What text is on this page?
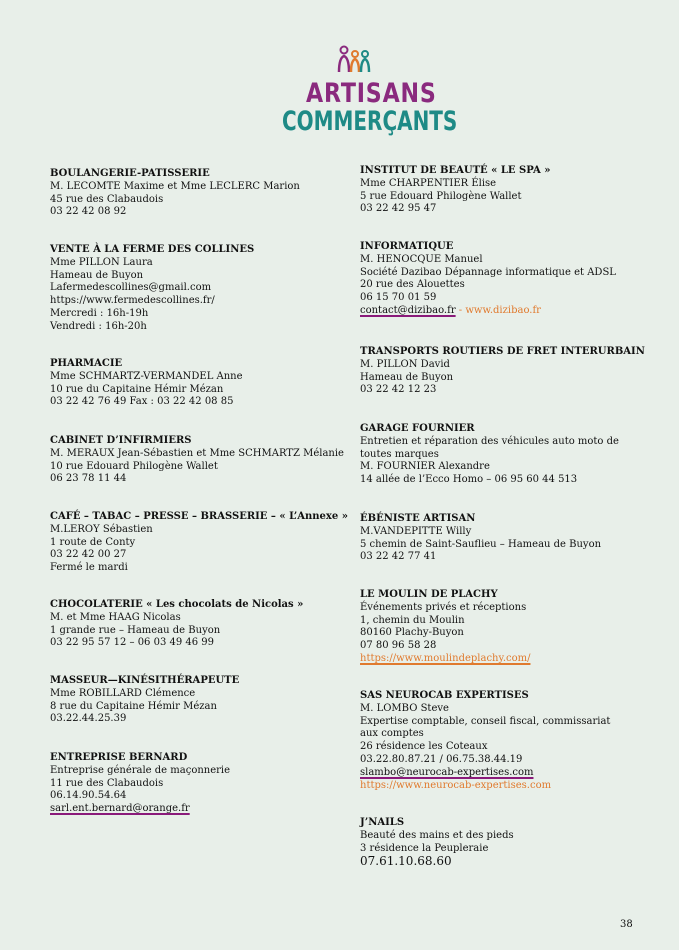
ARTISANS
COMMERÇANTS
BOULANGERIE-PATISSERIE
M. LECOMTE Maxime et Mme LECLERC Marion
45 rue des Clabaudois
03 22 42 08 92
VENTE À LA FERME DES COLLINES
Mme PILLON Laura
Hameau de Buyon
Lafermedescollines@gmail.com
https://www.fermedescollines.fr/
Mercredi : 16h-19h
Vendredi : 16h-20h
PHARMACIE
Mme SCHMARTZ-VERMANDEL Anne
10 rue du Capitaine Hémir Mézan
03 22 42 76 49 Fax : 03 22 42 08 85
CABINET D’INFIRMIERS
M. MERAUX Jean-Sébastien et Mme SCHMARTZ Mélanie
10 rue Edouard Philogène Wallet
06 23 78 11 44
CAFÉ – TABAC – PRESSE – BRASSERIE – « L’Annexe »
M.LEROY Sébastien
1 route de Conty
03 22 42 00 27
Fermé le mardi
CHOCOLATERIE « Les chocolats de Nicolas »
M. et Mme HAAG Nicolas
1 grande rue – Hameau de Buyon
03 22 95 57 12 – 06 03 49 46 99
MASSEUR—KINÉSITHÉRAPEUTE
Mme ROBILLARD Clémence
8 rue du Capitaine Hémir Mézan
03.22.44.25.39
ENTREPRISE BERNARD
Entreprise générale de maçonnerie
11 rue des Clabaudois
06.14.90.54.64
sarl.ent.bernard@orange.fr
INSTITUT DE BEAUTÉ « LE SPA »
Mme CHARPENTIER Élise
5 rue Edouard Philogène Wallet
03 22 42 95 47
INFORMATIQUE
M. HENOCQUE Manuel
Société Dazibao Dépannage informatique et ADSL
20 rue des Alouettes
06 15 70 01 59
contact@dizibao.fr - www.dizibao.fr
TRANSPORTS ROUTIERS DE FRET INTERURBAIN
M. PILLON David
Hameau de Buyon
03 22 42 12 23
GARAGE FOURNIER
Entretien et réparation des véhicules auto moto de
toutes marques
M. FOURNIER Alexandre
14 allée de l’Ecco Homo – 06 95 60 44 513
ÉBÉNISTE ARTISAN
M.VANDEPITTE Willy
5 chemin de Saint-Sauflieu – Hameau de Buyon
03 22 42 77 41
LE MOULIN DE PLACHY
Événements privés et réceptions
1, chemin du Moulin
80160 Plachy-Buyon
07 80 96 58 28
https://www.moulindeplachy.com/
SAS NEUROCAB EXPERTISES
M. LOMBO Steve
Expertise comptable, conseil fiscal, commissariat
aux comptes
26 résidence les Coteaux
03.22.80.87.21 / 06.75.38.44.19
slambo@neurocab-expertises.com
https://www.neurocab-expertises.com
J’NAILS
Beauté des mains et des pieds
3 résidence la Peupleraie
07.61.10.68.60
38
